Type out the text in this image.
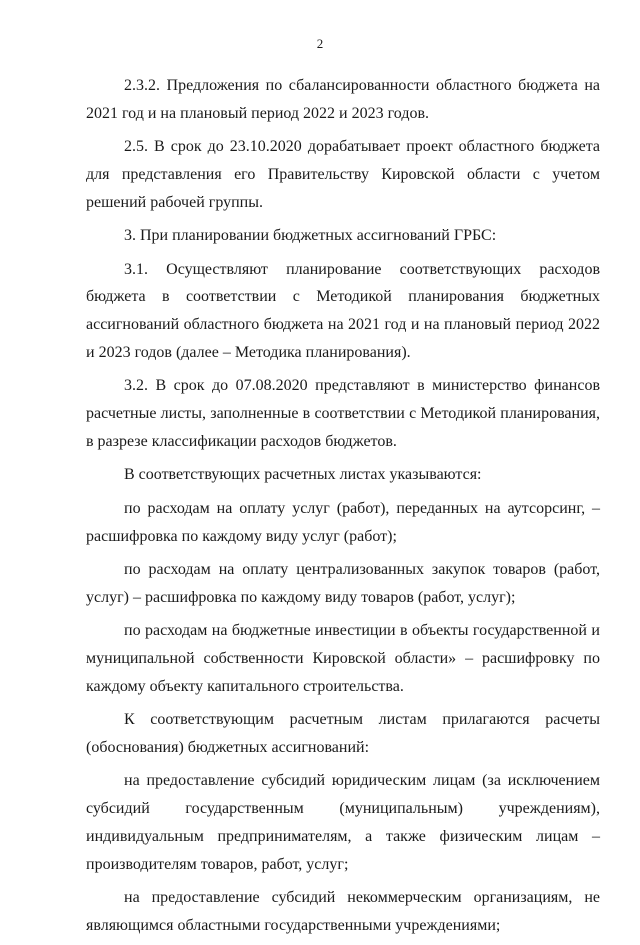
2

2.3.2. Предложения по сбалансированности областного бюджета на 2021 год и на плановый период 2022 и 2023 годов.

2.5. В срок до 23.10.2020 дорабатывает проект областного бюджета для представления его Правительству Кировской области с учетом решений рабочей группы.

3. При планировании бюджетных ассигнований ГРБС:

3.1. Осуществляют планирование соответствующих расходов бюджета в соответствии с Методикой планирования бюджетных ассигнований областного бюджета на 2021 год и на плановый период 2022 и 2023 годов (далее – Методика планирования).

3.2. В срок до 07.08.2020 представляют в министерство финансов расчетные листы, заполненные в соответствии с Методикой планирования, в разрезе классификации расходов бюджетов.

В соответствующих расчетных листах указываются:

по расходам на оплату услуг (работ), переданных на аутсорсинг, – расшифровка по каждому виду услуг (работ);

по расходам на оплату централизованных закупок товаров (работ, услуг) – расшифровка по каждому виду товаров (работ, услуг);

по расходам на бюджетные инвестиции в объекты государственной и муниципальной собственности Кировской области» – расшифровку по каждому объекту капитального строительства.

К соответствующим расчетным листам прилагаются расчеты (обоснования) бюджетных ассигнований:

на предоставление субсидий юридическим лицам (за исключением субсидий государственным (муниципальным) учреждениям), индивидуальным предпринимателям, а также физическим лицам – производителям товаров, работ, услуг;

на предоставление субсидий некоммерческим организациям, не являющимся областными государственными учреждениями;
